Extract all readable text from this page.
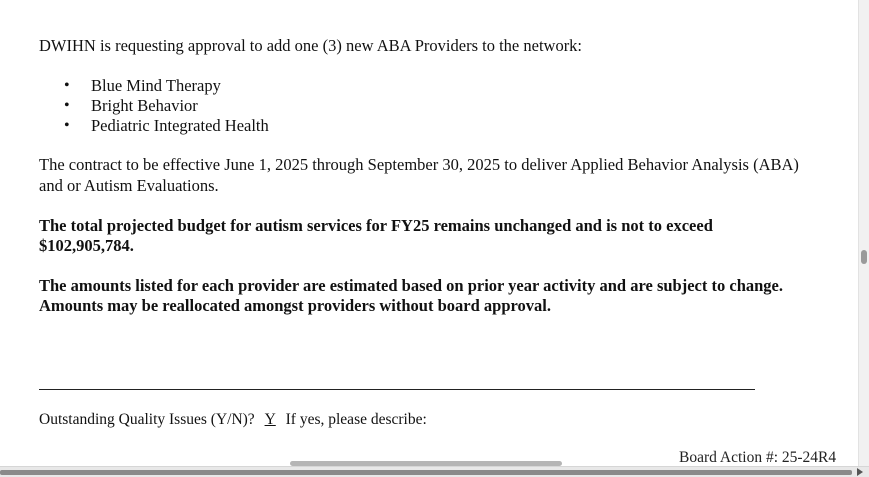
DWIHN is requesting approval to add one (3) new ABA Providers to the network:
• Blue Mind Therapy
• Bright Behavior
• Pediatric Integrated Health
The contract to be effective June 1, 2025 through September 30, 2025 to deliver Applied Behavior Analysis (ABA)
and or Autism Evaluations.
The total projected budget for autism services for FY25 remains unchanged and is not to exceed
$102,905,784.
The amounts listed for each provider are estimated based on prior year activity and are subject to change.
Amounts may be reallocated amongst providers without board approval.
Outstanding Quality Issues (Y/N)? Y If yes, please describe:
Board Action #: 25-24R4
